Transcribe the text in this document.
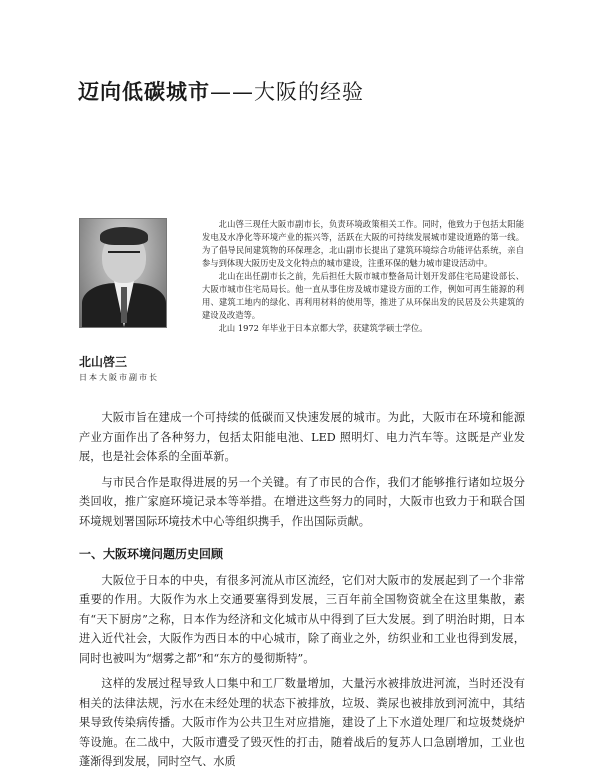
迈向低碳城市——大阪的经验
北山啓三
日本大阪市副市长

北山啓三现任大阪市副市长，负责环境政策相关工作。同时，他致力于包括太阳能发电及水净化等环境产业的振兴等，活跃在大阪的可持续发展城市建设道路的第一线。为了倡导民间建筑物的环保理念，北山副市长提出了建筑环境综合功能评估系统，亲自参与到体现大阪历史及文化特点的城市建设，注重环保的魅力城市建设活动中。

北山在出任副市长之前，先后担任大阪市城市整备局计划开发部住宅局建设部长、大阪市城市住宅局局长。他一直从事住房及城市建设方面的工作，例如可再生能源的利用、建筑工地内的绿化、再利用材料的使用等，推进了从环保出发的民居及公共建筑的建设及改造等。

北山 1972 年毕业于日本京都大学，获建筑学硕士学位。

大阪市旨在建成一个可持续的低碳而又快速发展的城市。为此，大阪市在环境和能源产业方面作出了各种努力，包括太阳能电池、LED 照明灯、电力汽车等。这既是产业发展，也是社会体系的全面革新。

与市民合作是取得进展的另一个关键。有了市民的合作，我们才能够推行诸如垃圾分类回收，推广家庭环境记录本等举措。在增进这些努力的同时，大阪市也致力于和联合国环境规划署国际环境技术中心等组织携手，作出国际贡献。

一、大阪环境问题历史回顾

大阪位于日本的中央，有很多河流从市区流经，它们对大阪市的发展起到了一个非常重要的作用。大阪作为水上交通要塞得到发展，三百年前全国物资就全在这里集散，素有“天下厨房”之称，日本作为经济和文化城市从中得到了巨大发展。到了明治时期，日本进入近代社会，大阪作为西日本的中心城市，除了商业之外，纺织业和工业也得到发展，同时也被叫为“烟雾之都”和“东方的曼彻斯特”。

这样的发展过程导致人口集中和工厂数量增加，大量污水被排放进河流，当时还没有相关的法律法规，污水在未经处理的状态下被排放，垃圾、粪尿也被排放到河流中，其结果导致传染病传播。大阪市作为公共卫生对应措施，建设了上下水道处理厂和垃圾焚烧炉等设施。在二战中，大阪市遭受了毁灭性的打击，随着战后的复苏人口急剧增加，工业也蓬渐得到发展，同时空气、水质
